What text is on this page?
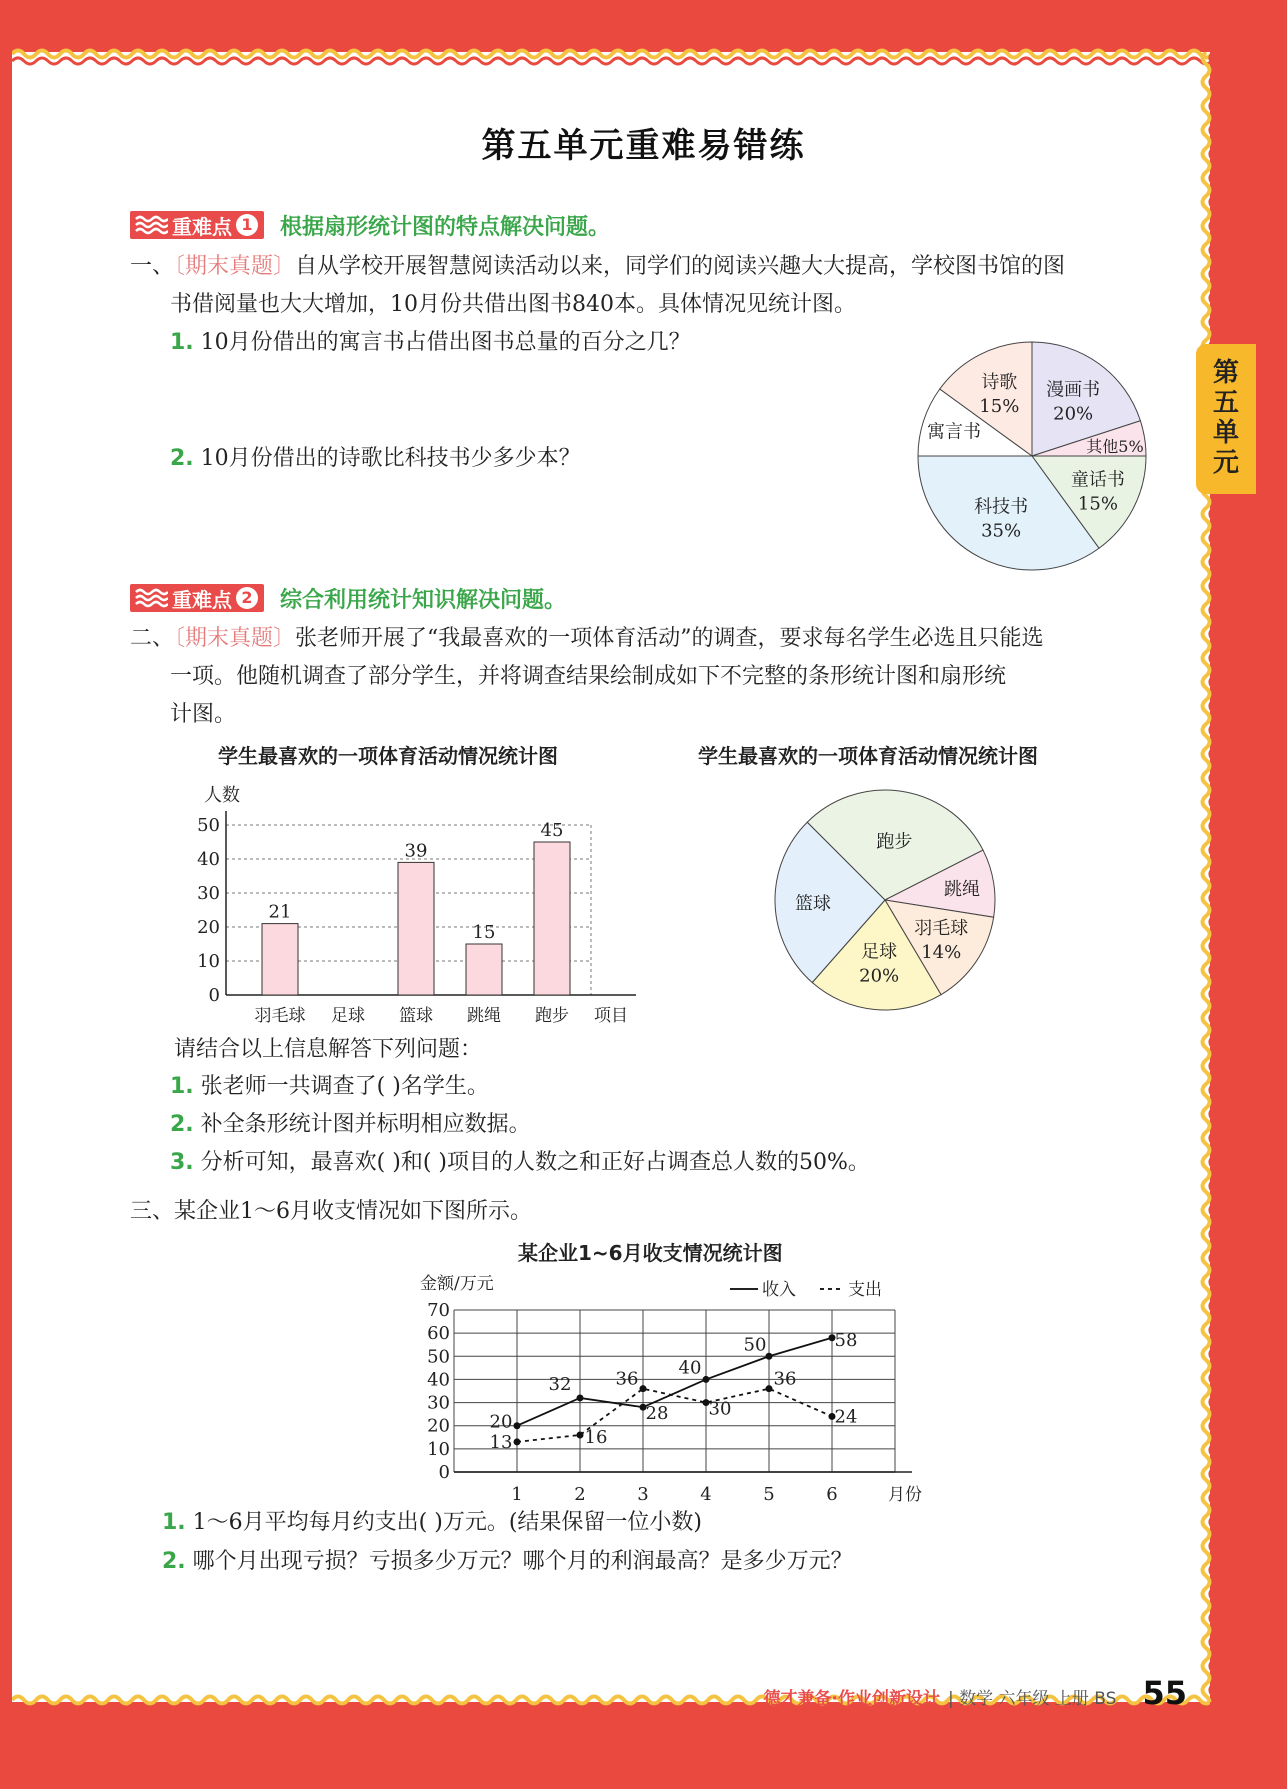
第五单元
第五单元重难易错练
重难点 1 根据扇形统计图的特点解决问题。
一、〔期末真题〕自从学校开展智慧阅读活动以来，同学们的阅读兴趣大大提高，学校图书馆的图
书借阅量也大大增加，10月份共借出图书840本。具体情况见统计图。
1. 10月份借出的寓言书占借出图书总量的百分之几？
2. 10月份借出的诗歌比科技书少多少本？
漫画书
20%
童话书
15%
科技书
35%
寓言书
诗歌
15%
其他5%
重难点 2 综合利用统计知识解决问题。
二、〔期末真题〕张老师开展了“我最喜欢的一项体育活动”的调查，要求每名学生必选且只能选
一项。他随机调查了部分学生，并将调查结果绘制成如下不完整的条形统计图和扇形统
计图。
学生最喜欢的一项体育活动情况统计图	学生最喜欢的一项体育活动情况统计图
人数
0
10
20
30
40
50
21
羽毛球 足球
39
篮球
15
跳绳
45
跑步 项目
跑步
跳绳
羽毛球
14%
足球
20%
篮球
请结合以上信息解答下列问题：
1. 张老师一共调查了( )名学生。
2. 补全条形统计图并标明相应数据。
3. 分析可知，最喜欢( )和( )项目的人数之和正好占调查总人数的50%。
三、某企业1～6月收支情况如下图所示。
某企业1~6月收支情况统计图
金额/万元	收入	支出
0
10
20
30
40
50
60
70
1	2	3	4	5	6	月份
20
32
28
40
50	58
13	16
36
30
36
24
1. 1～6月平均每月约支出( )万元。(结果保留一位小数)
2. 哪个月出现亏损？亏损多少万元？哪个月的利润最高？是多少万元？
德才兼备·作业创新设计 | 数学 六年级 上册 BS 55
